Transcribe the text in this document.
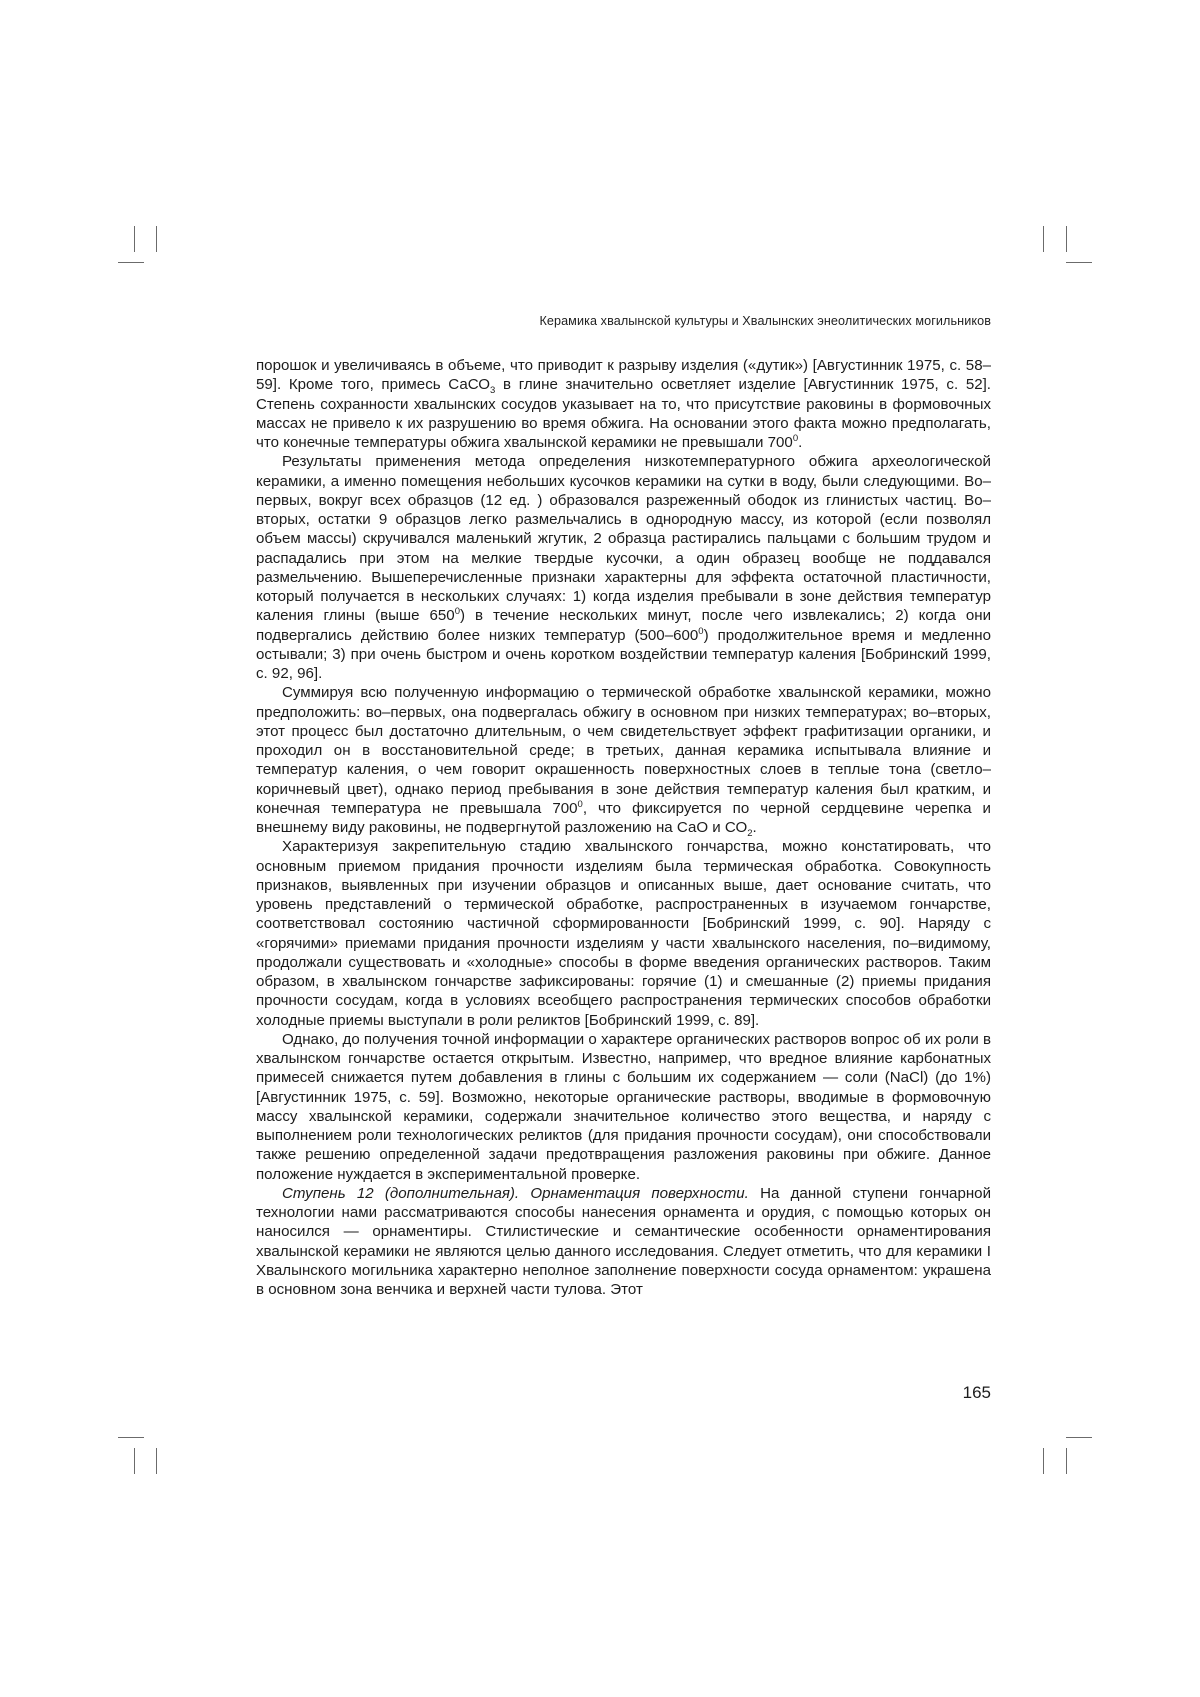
Керамика хвалынской культуры и Хвалынских энеолитических могильников

порошок и увеличиваясь в объеме, что приводит к разрыву изделия («дутик») [Августинник 1975, с. 58–59]. Кроме того, примесь СаСО$_3$ в глине значительно осветляет изделие [Августинник 1975, с. 52]. Степень сохранности хвалынских сосудов указывает на то, что присутствие раковины в формовочных массах не привело к их разрушению во время обжига. На основании этого факта можно предполагать, что конечные температуры обжига хвалынской керамики не превышали $700^0$.

Результаты применения метода определения низкотемпературного обжига археологической керамики, а именно помещения небольших кусочков керамики на сутки в воду, были следующими. Во–первых, вокруг всех образцов (12 ед. ) образовался разреженный ободок из глинистых частиц. Во–вторых, остатки 9 образцов легко размельчались в однородную массу, из которой (если позволял объем массы) скручивался маленький жгутик, 2 образца растирались пальцами с большим трудом и распадались при этом на мелкие твердые кусочки, а один образец вообще не поддавался размельчению. Вышеперечисленные признаки характерны для эффекта остаточной пластичности, который получается в нескольких случаях: 1) когда изделия пребывали в зоне действия температур каления глины (выше $650^0$) в течение нескольких минут, после чего извлекались; 2) когда они подвергались действию более низких температур $(500-600^0)$ продолжительное время и медленно остывали; 3) при очень быстром и очень коротком воздействии температур каления [Бобринский 1999, с. 92, 96].

Суммируя всю полученную информацию о термической обработке хвалынской керамики, можно предположить: во–первых, она подвергалась обжигу в основном при низких температурах; во–вторых, этот процесс был достаточно длительным, о чем свидетельствует эффект графитизации органики, и проходил он в восстановительной среде; в третьих, данная керамика испытывала влияние и температур каления, о чем говорит окрашенность поверхностных слоев в теплые тона (светло–коричневый цвет), однако период пребывания в зоне действия температур каления был кратким, и конечная температура не превышала $700^0$, что фиксируется по черной сердцевине черепка и внешнему виду раковины, не подвергнутой разложению на СаО и $СО_2$.

Характеризуя закрепительную стадию хвалынского гончарства, можно констатировать, что основным приемом придания прочности изделиям была термическая обработка. Совокупность признаков, выявленных при изучении образцов и описанных выше, дает основание считать, что уровень представлений о термической обработке, распространенных в изучаемом гончарстве, соответствовал состоянию частичной сформированности [Бобринский 1999, с. 90]. Наряду с «горячими» приемами придания прочности изделиям у части хвалынского населения, по–видимому, продолжали существовать и «холодные» способы в форме введения органических растворов. Таким образом, в хвалынском гончарстве зафиксированы: горячие (1) и смешанные (2) приемы придания прочности сосудам, когда в условиях всеобщего распространения термических способов обработки холодные приемы выступали в роли реликтов [Бобринский 1999, с. 89].

Однако, до получения точной информации о характере органических растворов вопрос об их роли в хвалынском гончарстве остается открытым. Известно, например, что вредное влияние карбонатных примесей снижается путем добавления в глины с большим их содержанием — соли (NaCl) (до 1%) [Августинник 1975, с. 59]. Возможно, некоторые органические растворы, вводимые в формовочную массу хвалынской керамики, содержали значительное количество этого вещества, и наряду с выполнением роли технологических реликтов (для придания прочности сосудам), они способствовали также решению определенной задачи предотвращения разложения раковины при обжиге. Данное положение нуждается в экспериментальной проверке.

Ступень 12 (дополнительная). Орнаментация поверхности. На данной ступени гончарной технологии нами рассматриваются способы нанесения орнамента и орудия, с помощью которых он наносился — орнаментиры. Стилистические и семантические особенности орнаментирования хвалынской керамики не являются целью данного исследования. Следует отметить, что для керамики I Хвалынского могильника характерно неполное заполнение поверхности сосуда орнаментом: украшена в основном зона венчика и верхней части тулова. Этот

165
